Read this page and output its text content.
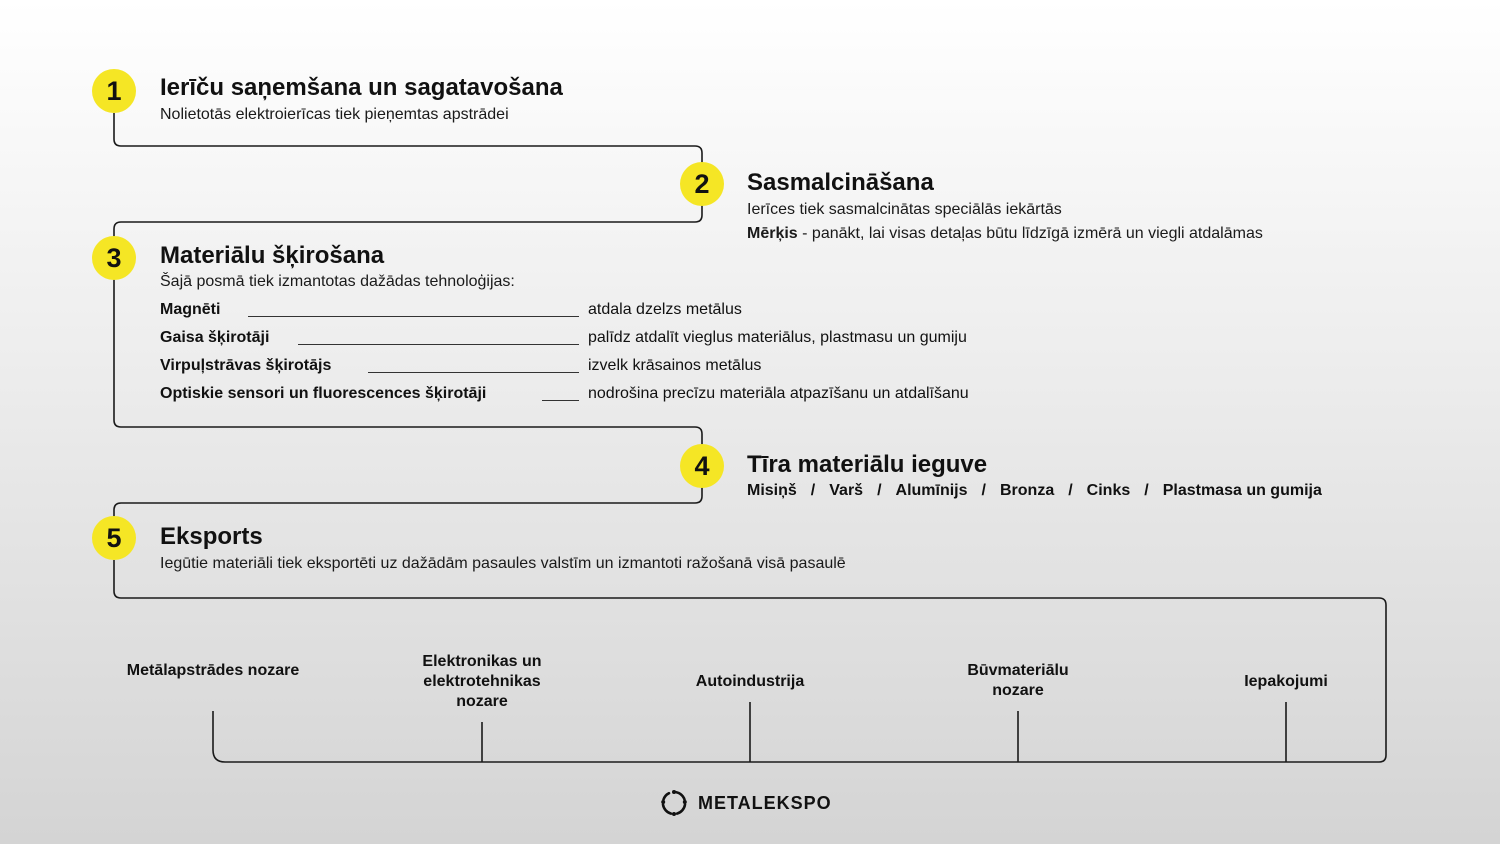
1	Ierīču saņemšana un sagatavošana
Nolietotās elektroierīcas tiek pieņemtas apstrādei
2	Sasmalcināšana
Ierīces tiek sasmalcinātas speciālās iekārtās
Mērķis - panākt, lai visas detaļas būtu līdzīgā izmērā un viegli atdalāmas
3	Materiālu šķirošana
Šajā posmā tiek izmantotas dažādas tehnoloģijas:
Magnēti	atdala dzelzs metālus
Gaisa šķirotāji	palīdz atdalīt vieglus materiālus, plastmasu un gumiju
Virpuļstrāvas šķirotājs	izvelk krāsainos metālus
Optiskie sensori un fluorescences šķirotāji	nodrošina precīzu materiāla atpazīšanu un atdalīšanu
4	Tīra materiālu ieguve
Misiņš / Varš / Alumīnijs / Bronza / Cinks / Plastmasa un gumija
5	Eksports
Iegūtie materiāli tiek eksportēti uz dažādām pasaules valstīm un izmantoti ražošanā visā pasaulē
Metālapstrādes nozare
Elektronikas un elektrotehnikas nozare
Autoindustrija
Būvmateriālu nozare
Iepakojumi
METALEKSPO
